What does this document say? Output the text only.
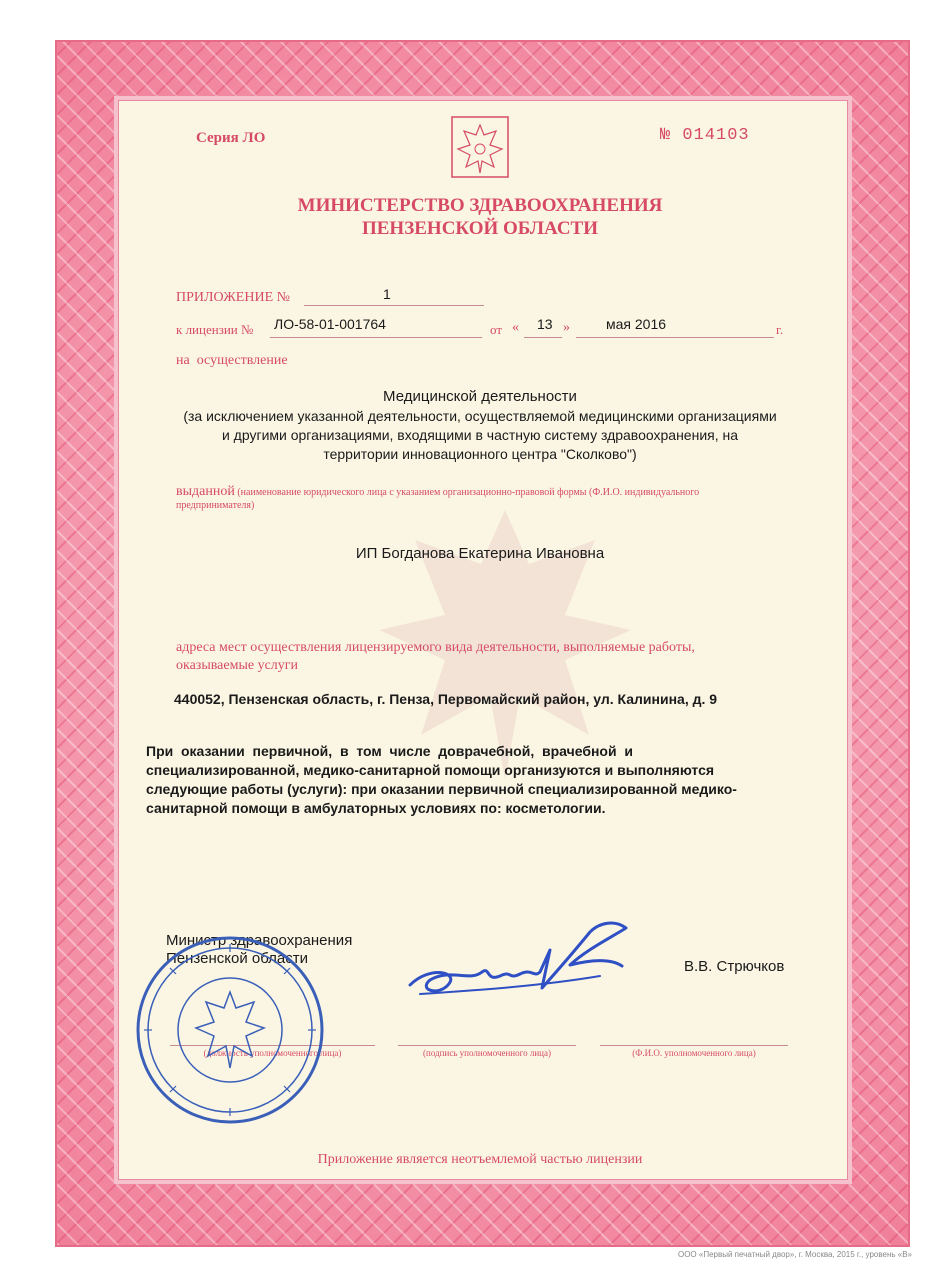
Серия ЛО	№ 014103
МИНИСТЕРСТВО ЗДРАВООХРАНЕНИЯ
ПЕНЗЕНСКОЙ ОБЛАСТИ
ПРИЛОЖЕНИЕ №	1
к лицензии № ЛО-58-01-001764	от « 13 »	мая 2016	г.
на  осуществление
Медицинской деятельности
(за исключением указанной деятельности, осуществляемой медицинскими организациями
и другими организациями, входящими в частную систему здравоохранения, на
территории инновационного центра "Сколково")
выданной (наименование юридического лица с указанием организационно-правовой формы (Ф.И.О. индивидуального
предпринимателя)
ИП Богданова Екатерина Ивановна
адреса мест осуществления лицензируемого вида деятельности, выполняемые работы,
оказываемые услуги
440052, Пензенская область, г. Пенза, Первомайский район, ул. Калинина, д. 9
При  оказании  первичной,  в  том  числе  доврачебной,  врачебной  и
специализированной, медико-санитарной помощи организуются и выполняются
следующие работы (услуги): при оказании первичной специализированной медико-
санитарной помощи в амбулаторных условиях по: косметологии.
Министр здравоохранения
Пензенской области	В.В. Стрючков
(должность уполномоченного лица)	(подпись уполномоченного лица)	(Ф.И.О. уполномоченного лица)
Приложение является неотъемлемой частью лицензии
ООО «Первый печатный двор», г. Москва, 2015 г., уровень «В»
